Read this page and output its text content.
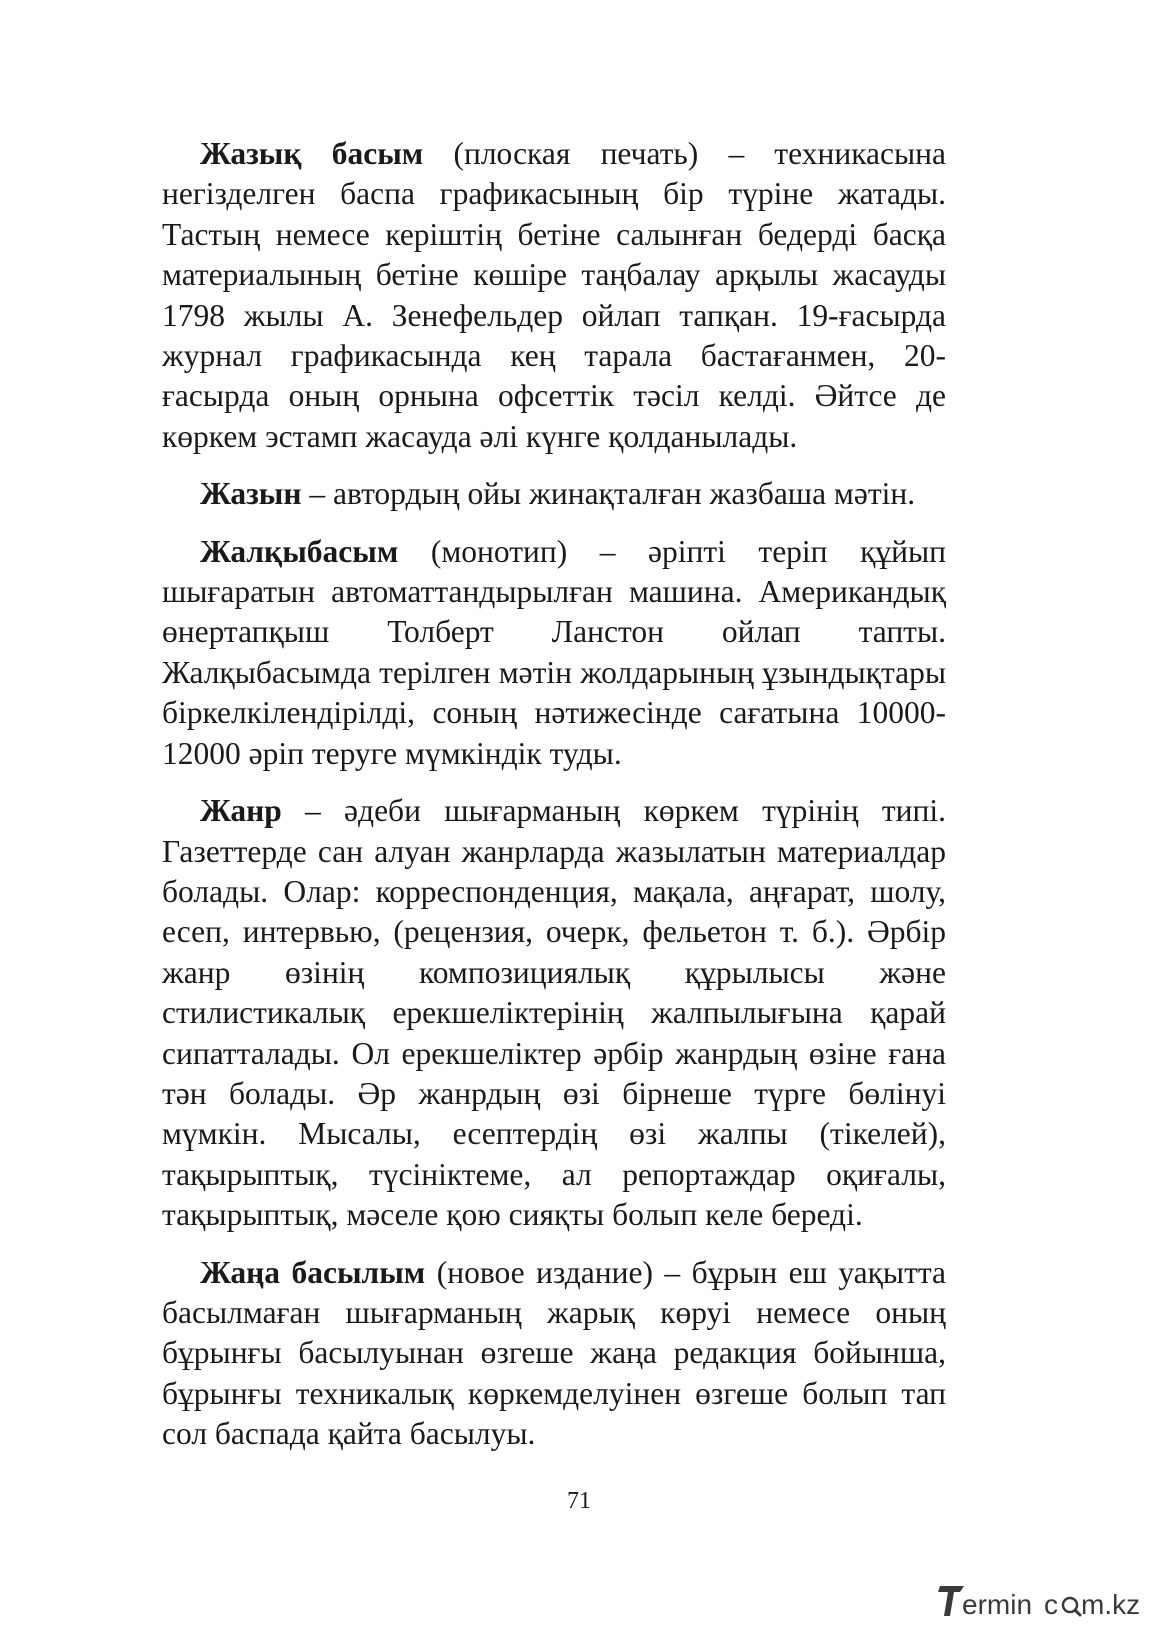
Жазық басым (плоская печать) – техникасына негізделген баспа графикасының бір түріне жатады. Тастың немесе керіштің бетіне салынған бедерді басқа материалының бетіне көшіре таңбалау арқылы жасауды 1798 жылы А. Зенефельдер ойлап тапқан. 19-ғасырда журнал графикасында кең тарала бастағанмен, 20-ғасырда оның орнына офсеттік тәсіл келді. Әйтсе де көркем эстамп жасауда әлі күнге қолданылады.

Жазын – автордың ойы жинақталған жазбаша мәтін.

Жалқыбасым (монотип) – әріпті теріп құйып шығаратын автоматтандырылған машина. Американдық өнертапқыш Толберт Ланстон ойлап тапты. Жалқыбасымда терілген мәтін жолдарының ұзындықтары біркелкілендірілді, соның нәтижесінде сағатына 10000-12000 әріп теруге мүмкіндік туды.

Жанр – әдеби шығарманың көркем түрінің типі. Газеттерде сан алуан жанрларда жазылатын материалдар болады. Олар: корреспонденция, мақала, аңғарат, шолу, есеп, интервью, (рецензия, очерк, фельетон т. б.). Әрбір жанр өзінің композициялық құрылысы және стилистикалық ерекшеліктерінің жалпылығына қарай сипатталады. Ол ерекшеліктер әрбір жанрдың өзіне ғана тән болады. Әр жанрдың өзі бірнеше түрге бөлінуі мүмкін. Мысалы, есептердің өзі жалпы (тікелей), тақырыптық, түсініктеме, ал репортаждар оқиғалы, тақырыптық, мәселе қою сияқты болып келе береді.

Жаңа басылым (новое издание) – бұрын еш уақытта басылмаған шығарманың жарық көруі немесе оның бұрынғы басылуынан өзгеше жаңа редакция бойынша, бұрынғы техникалық көркемделуінен өзгеше болып тап сол баспада қайта басылуы.

71
ermin c m.kz
